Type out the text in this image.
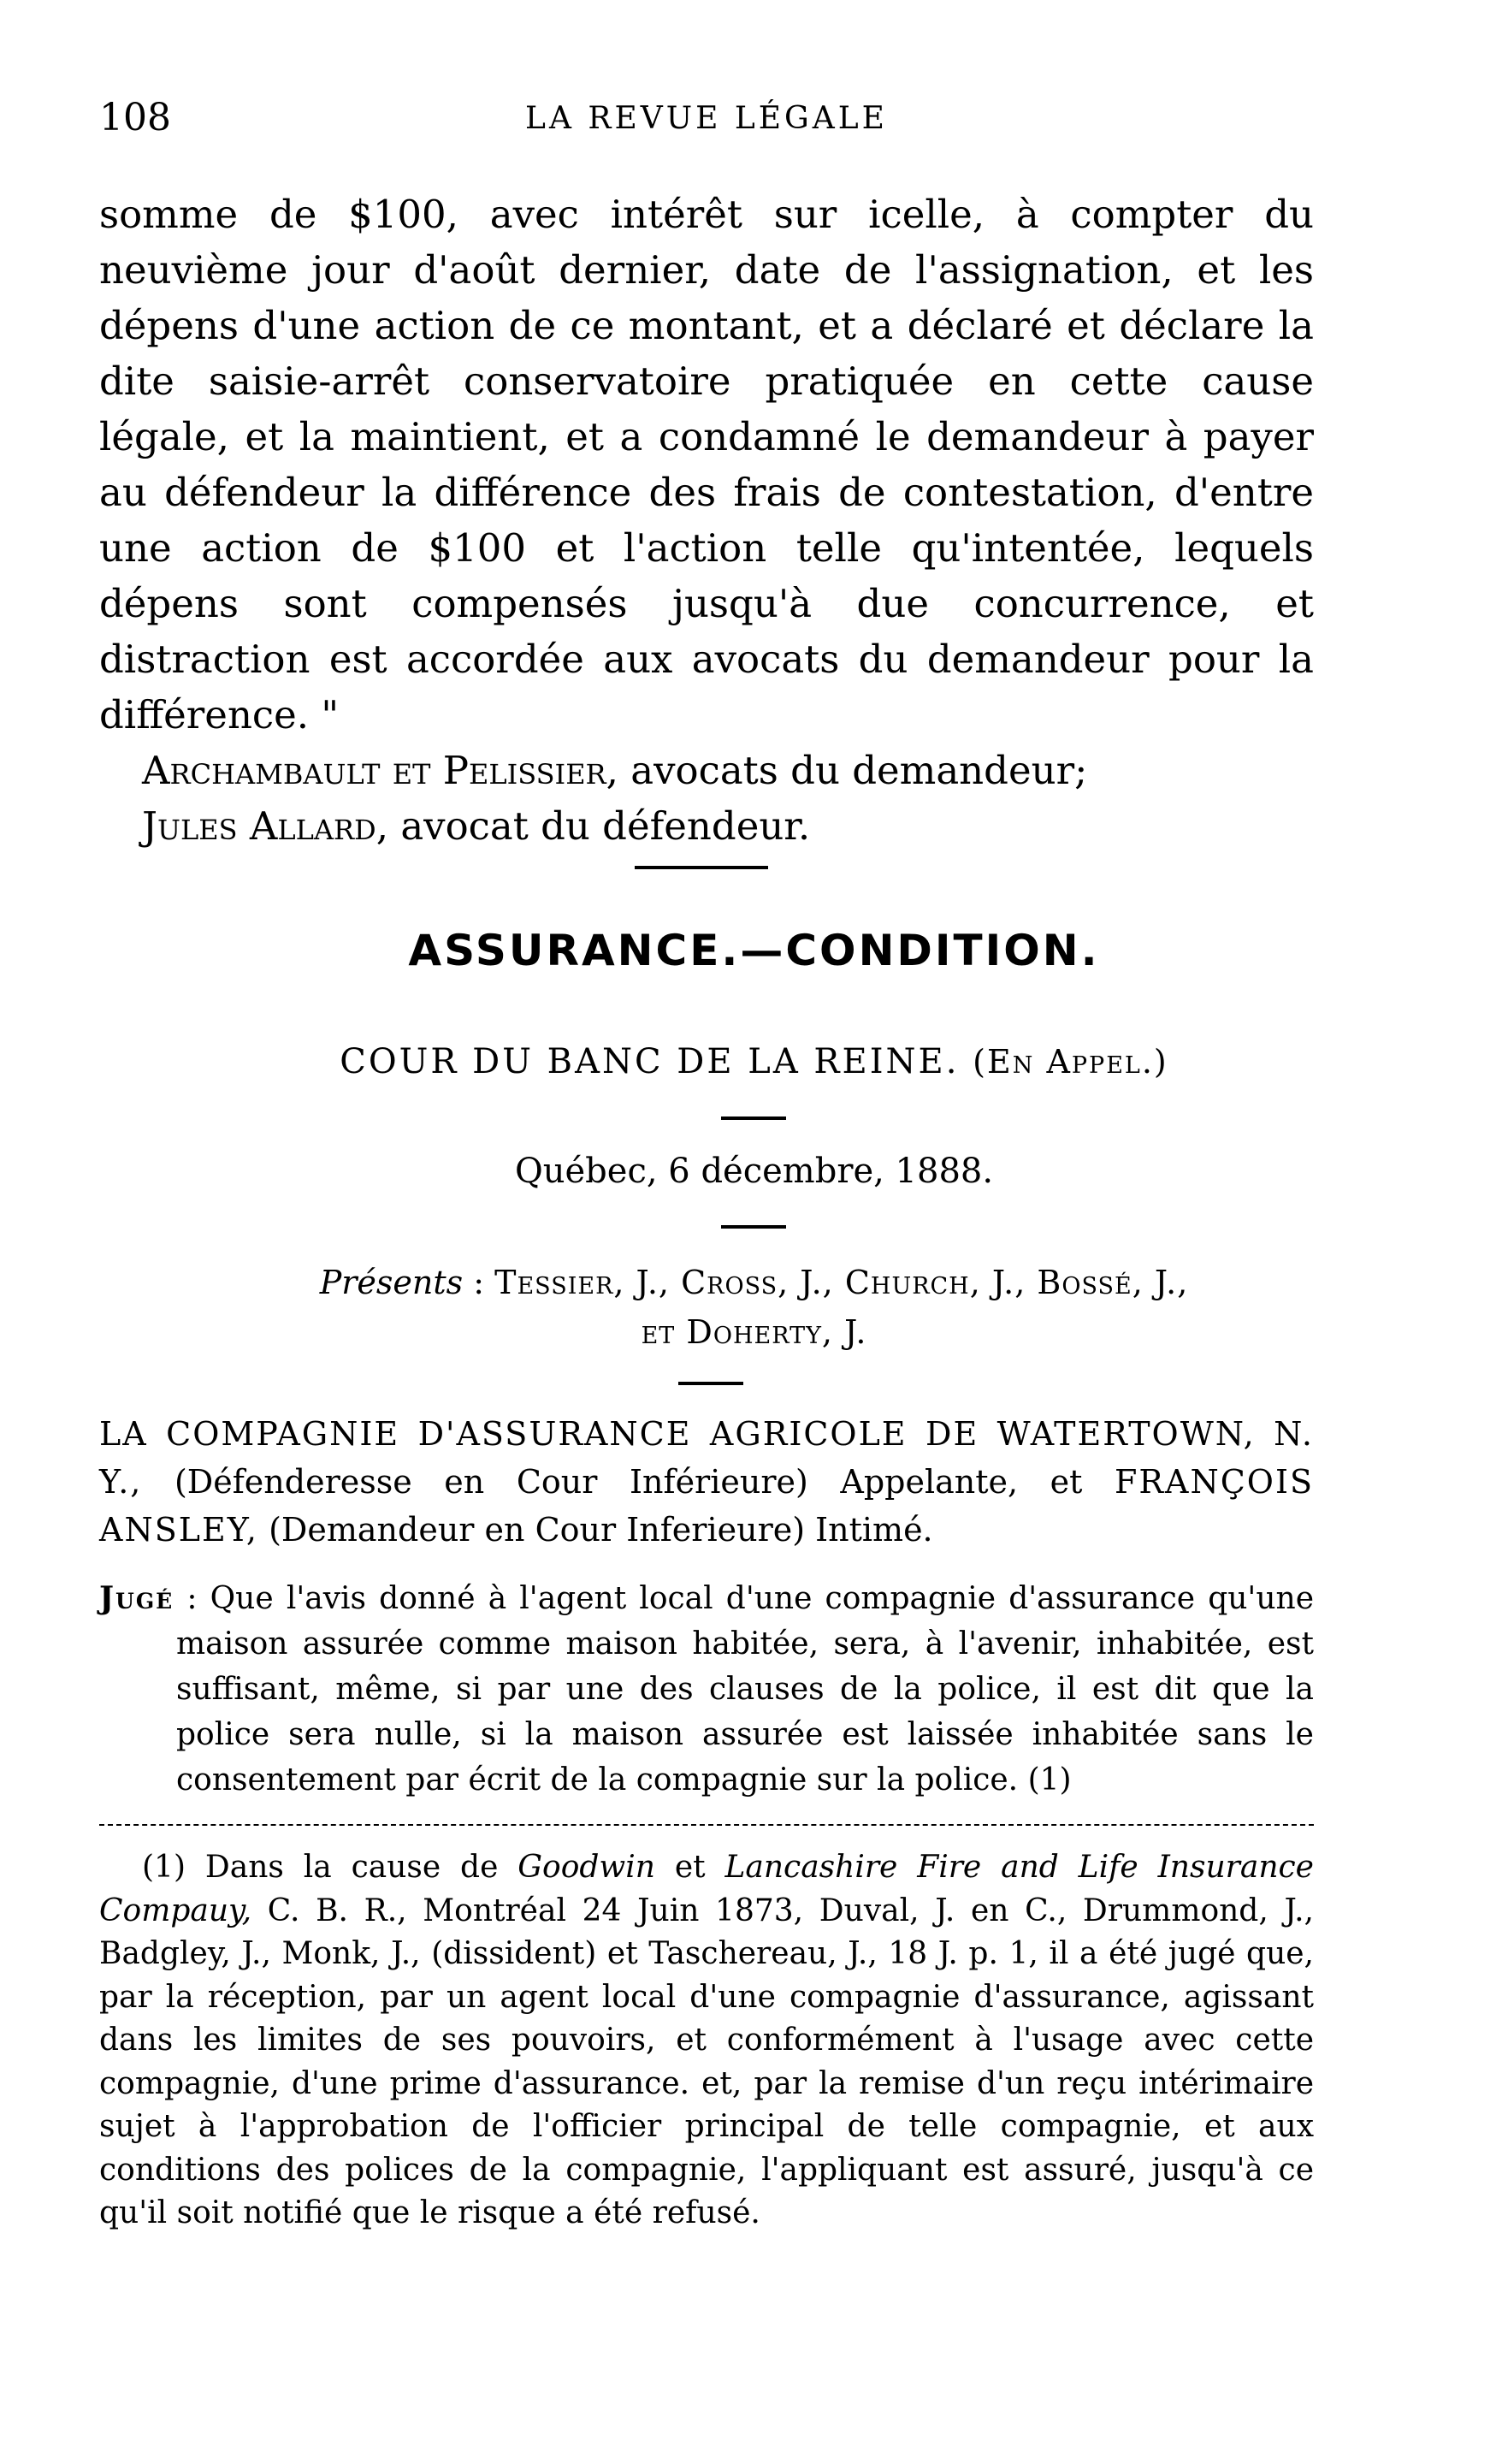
108	LA REVUE LÉGALE

somme de $100, avec intérêt sur icelle, à compter du neuvième jour d'août dernier, date de l'assignation, et les dépens d'une action de ce montant, et a déclaré et déclare la dite saisie-arrêt conservatoire pratiquée en cette cause légale, et la maintient, et a condamné le demandeur à payer au défendeur la différence des frais de contestation, d'entre une action de $100 et l'action telle qu'intentée, lequels dépens sont compensés jusqu'à due concurrence, et distraction est accordée aux avocats du demandeur pour la différence. "

Archambault et Pelissier, avocats du demandeur;

Jules Allard, avocat du défendeur.

ASSURANCE.—CONDITION.
COUR DU BANC DE LA REINE. (En Appel.)
Québec, 6 décembre, 1888.
Présents : Tessier, J., Cross, J., Church, J., Bossé, J.,
et Doherty, J.
LA COMPAGNIE D'ASSURANCE AGRICOLE DE WATERTOWN, N. Y., (Défenderesse en Cour Inférieure) Appelante, et FRANÇOIS ANSLEY, (Demandeur en Cour Inferieure) Intimé.
Jugé : Que l'avis donné à l'agent local d'une compagnie d'assurance qu'une maison assurée comme maison habitée, sera, à l'avenir, inhabitée, est suffisant, même, si par une des clauses de la police, il est dit que la police sera nulle, si la maison assurée est laissée inhabitée sans le consentement par écrit de la compagnie sur la police. (1)

(1) Dans la cause de Goodwin et Lancashire Fire and Life Insurance Compauy, C. B. R., Montréal 24 Juin 1873, Duval, J. en C., Drummond, J., Badgley, J., Monk, J., (dissident) et Taschereau, J., 18 J. p. 1, il a été jugé que, par la réception, par un agent local d'une compagnie d'assurance, agissant dans les limites de ses pouvoirs, et conformément à l'usage avec cette compagnie, d'une prime d'assurance. et, par la remise d'un reçu intérimaire sujet à l'approbation de l'officier principal de telle compagnie, et aux conditions des polices de la compagnie, l'appliquant est assuré, jusqu'à ce qu'il soit notifié que le risque a été refusé.
